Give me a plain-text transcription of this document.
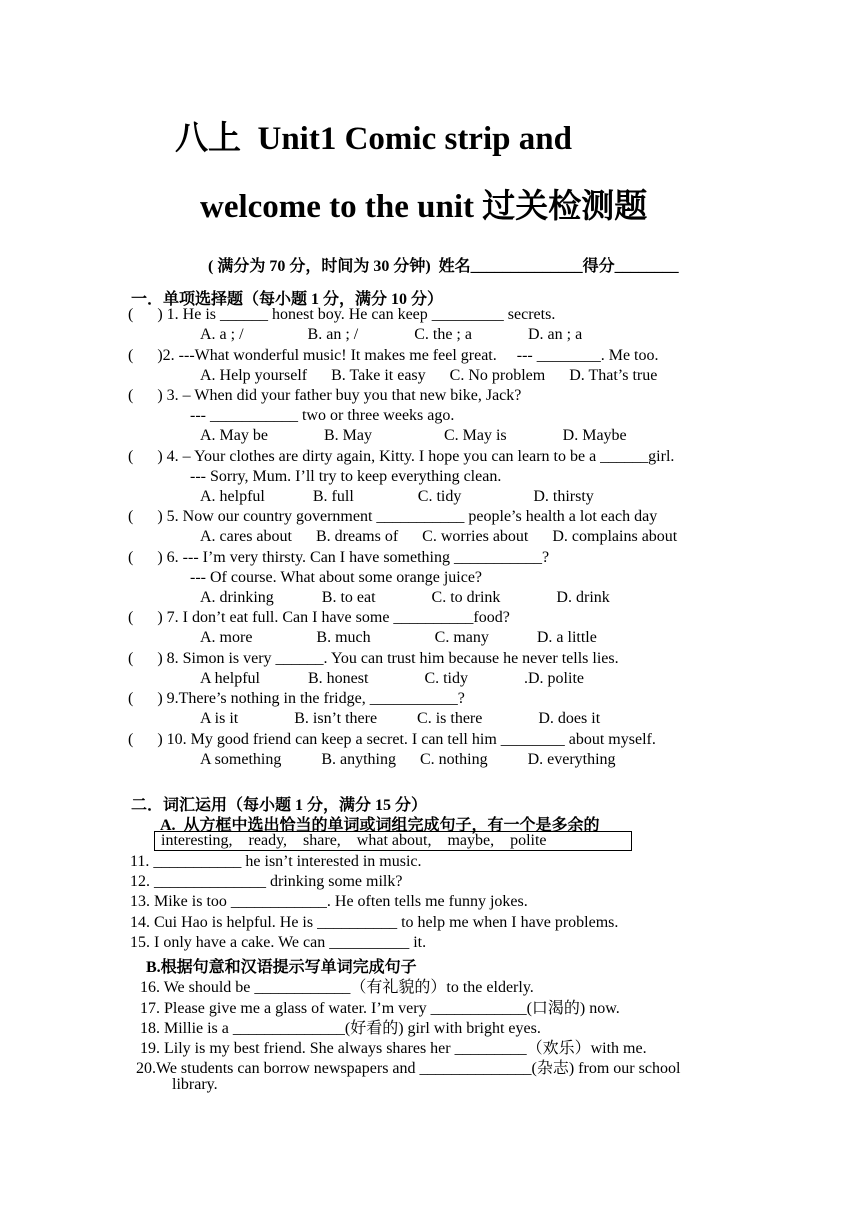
八上  Unit1 Comic strip and
welcome to the unit 过关检测题
( 满分为 70 分，时间为 30 分钟)  姓名______________得分________
一．单项选择题（每小题 1 分，满分 10 分）
(      ) 1. He is ______ honest boy. He can keep _________ secrets.
A. a ; /                B. an ; /              C. the ; a              D. an ; a
(      )2. ---What wonderful music! It makes me feel great.     --- ________. Me too.
A. Help yourself      B. Take it easy      C. No problem      D. That’s true
(      ) 3. – When did your father buy you that new bike, Jack?
--- ___________ two or three weeks ago.
A. May be              B. May                  C. May is              D. Maybe
(      ) 4. – Your clothes are dirty again, Kitty. I hope you can learn to be a ______girl.
--- Sorry, Mum. I’ll try to keep everything clean.
A. helpful            B. full                C. tidy                  D. thirsty
(      ) 5. Now our country government ___________ people’s health a lot each day
A. cares about      B. dreams of      C. worries about      D. complains about
(      ) 6. --- I’m very thirsty. Can I have something ___________?
--- Of course. What about some orange juice?
A. drinking            B. to eat              C. to drink              D. drink
(      ) 7. I don’t eat full. Can I have some __________food?
A. more                B. much                C. many            D. a little
(      ) 8. Simon is very ______. You can trust him because he never tells lies.
A helpful            B. honest              C. tidy              .D. polite
(      ) 9.There’s nothing in the fridge, ___________?
A is it              B. isn’t there          C. is there              D. does it
(      ) 10. My good friend can keep a secret. I can tell him ________ about myself.
A something          B. anything      C. nothing          D. everything
二．词汇运用（每小题 1 分，满分 15 分）
A.  从方框中选出恰当的单词或词组完成句子，有一个是多余的
interesting,    ready,    share,    what about,    maybe,    polite
11. ___________ he isn’t interested in music.
12. ______________ drinking some milk?
13. Mike is too ____________. He often tells me funny jokes.
14. Cui Hao is helpful. He is __________ to help me when I have problems.
15. I only have a cake. We can __________ it.
B.根据句意和汉语提示写单词完成句子
16. We should be ____________（有礼貌的）to the elderly.
17. Please give me a glass of water. I’m very ____________(口渴的) now.
18. Millie is a ______________(好看的) girl with bright eyes.
19. Lily is my best friend. She always shares her _________（欢乐）with me.
20.We students can borrow newspapers and ______________(杂志) from our school
library.
